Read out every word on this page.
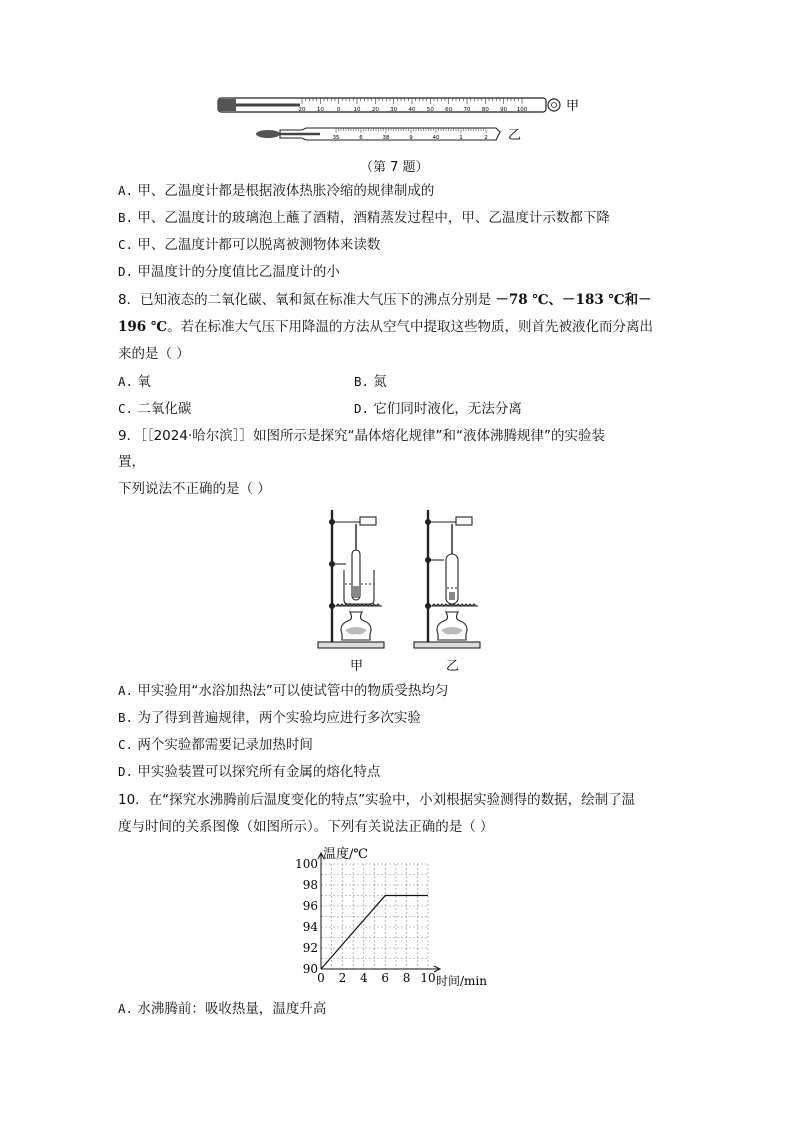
20 10 0 10 20 30 40 50 60 70 80 90 100	甲
35	6	38	9	40	1	2 乙
（第 7 题）
A. 甲、乙温度计都是根据液体热胀冷缩的规律制成的
B. 甲、乙温度计的玻璃泡上蘸了酒精，酒精蒸发过程中，甲、乙温度计示数都下降
C. 甲、乙温度计都可以脱离被测物体来读数
D. 甲温度计的分度值比乙温度计的小
8．已知液态的二氧化碳、氧和氮在标准大气压下的沸点分别是 －78 ℃、－183 ℃和－
196 ℃。若在标准大气压下用降温的方法从空气中提取这些物质，则首先被液化而分离出
来的是（ ）
A. 氧	B. 氮
C. 二氧化碳	D. 它们同时液化，无法分离
9．［［2024·哈尔滨］］如图所示是探究“晶体熔化规律”和“液体沸腾规律”的实验装
置，
下列说法不正确的是（ ）
甲	乙
A. 甲实验用“水浴加热法”可以使试管中的物质受热均匀
B. 为了得到普遍规律，两个实验均应进行多次实验
C. 两个实验都需要记录加热时间
D. 甲实验装置可以探究所有金属的熔化特点
10．在“探究水沸腾前后温度变化的特点”实验中，小刘根据实验测得的数据，绘制了温
度与时间的关系图像（如图所示）。下列有关说法正确的是（ ）
0 2 4 6 8 10
90
92
94
96
98
100
温度/℃
时间/min
A. 水沸腾前：吸收热量，温度升高
